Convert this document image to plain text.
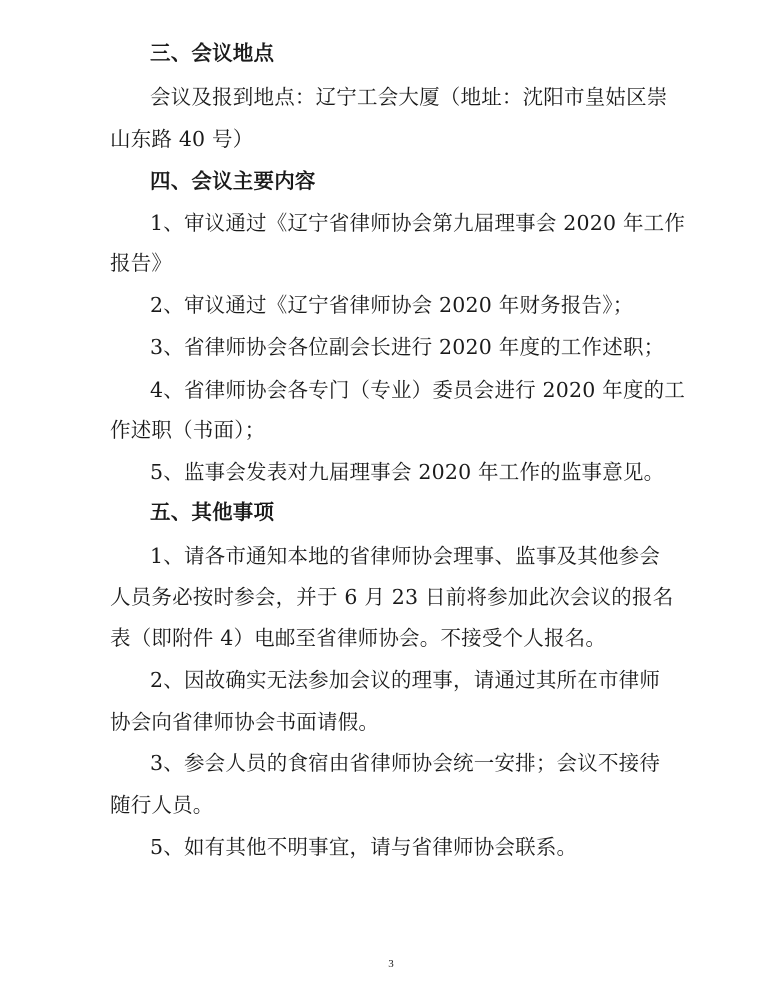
三、会议地点
会议及报到地点：辽宁工会大厦（地址：沈阳市皇姑区崇
山东路 40 号）
四、会议主要内容
1、审议通过《辽宁省律师协会第九届理事会 2020 年工作
报告》
2、审议通过《辽宁省律师协会 2020 年财务报告》；
3、省律师协会各位副会长进行 2020 年度的工作述职；
4、省律师协会各专门（专业）委员会进行 2020 年度的工
作述职（书面）；
5、监事会发表对九届理事会 2020 年工作的监事意见。
五、其他事项
1、请各市通知本地的省律师协会理事、监事及其他参会
人员务必按时参会，并于 6 月 23 日前将参加此次会议的报名
表（即附件 4）电邮至省律师协会。不接受个人报名。
2、因故确实无法参加会议的理事，请通过其所在市律师
协会向省律师协会书面请假。
3、参会人员的食宿由省律师协会统一安排；会议不接待
随行人员。
5、如有其他不明事宜，请与省律师协会联系。
3
